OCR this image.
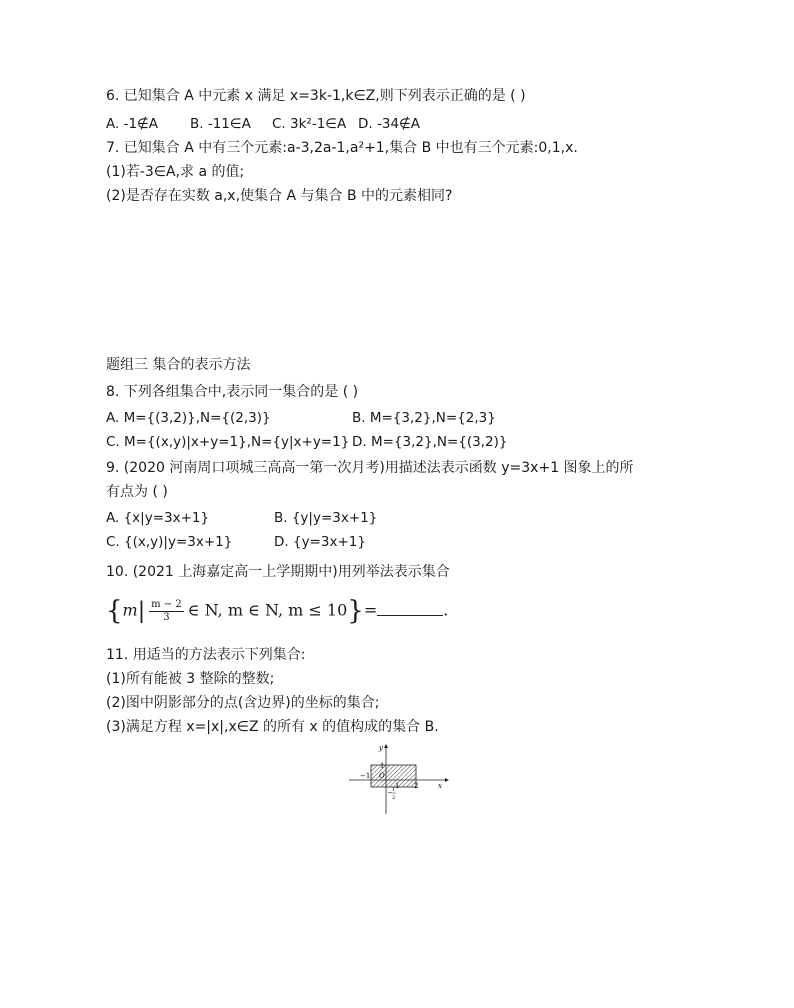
6. 已知集合 A 中元素 x 满足 x=3k-1,k∈Z,则下列表示正确的是 ( )
A. -1∉A B. -11∈A C. 3k²-1∈A D. -34∉A
7. 已知集合 A 中有三个元素:a-3,2a-1,a²+1,集合 B 中也有三个元素:0,1,x.
(1)若-3∈A,求 a 的值;
(2)是否存在实数 a,x,使集合 A 与集合 B 中的元素相同?
题组三 集合的表示方法
8. 下列各组集合中,表示同一集合的是 ( )
A. M={(3,2)},N={(2,3)}	B. M={3,2},N={2,3}
C. M={(x,y)|x+y=1},N={y|x+y=1} D. M={3,2},N={(3,2)}
9. (2020 河南周口项城三高高一第一次月考)用描述法表示函数 y=3x+1 图象上的所
有点为 ( )
A. {x|y=3x+1}	B. {y|y=3x+1}
C. {(x,y)|y=3x+1}	D. {y=3x+1}
10. (2021 上海嘉定高一上学期期中)用列举法表示集合
{$m| \frac{m - 2}{3}$ ∈ N, m ∈ N, m ≤ 10}=	.
11. 用适当的方法表示下列集合:
(1)所有能被 3 整除的整数;
(2)图中阴影部分的点(含边界)的坐标的集合;
(3)满足方程 x=|x|,x∈Z 的所有 x 的值构成的集合 B.
y
x
O
−1
1 2
1
− 1
2
